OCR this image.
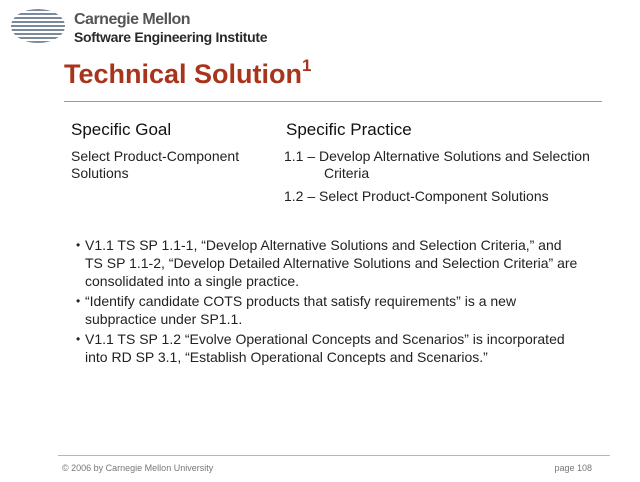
Carnegie Mellon
Software Engineering Institute
Technical Solution$^1$
Specific Goal	Specific Practice
Select Product-Component Solutions
1.1 – Develop Alternative Solutions and Selection Criteria
1.2 – Select Product-Component Solutions
• V1.1 TS SP 1.1-1, “Develop Alternative Solutions and Selection Criteria,” and TS SP 1.1-2, “Develop Detailed Alternative Solutions and Selection Criteria” are consolidated into a single practice.
• “Identify candidate COTS products that satisfy requirements” is a new subpractice under SP1.1.
• V1.1 TS SP 1.2 “Evolve Operational Concepts and Scenarios” is incorporated into RD SP 3.1, “Establish Operational Concepts and Scenarios.”
© 2006 by Carnegie Mellon University	page 108
